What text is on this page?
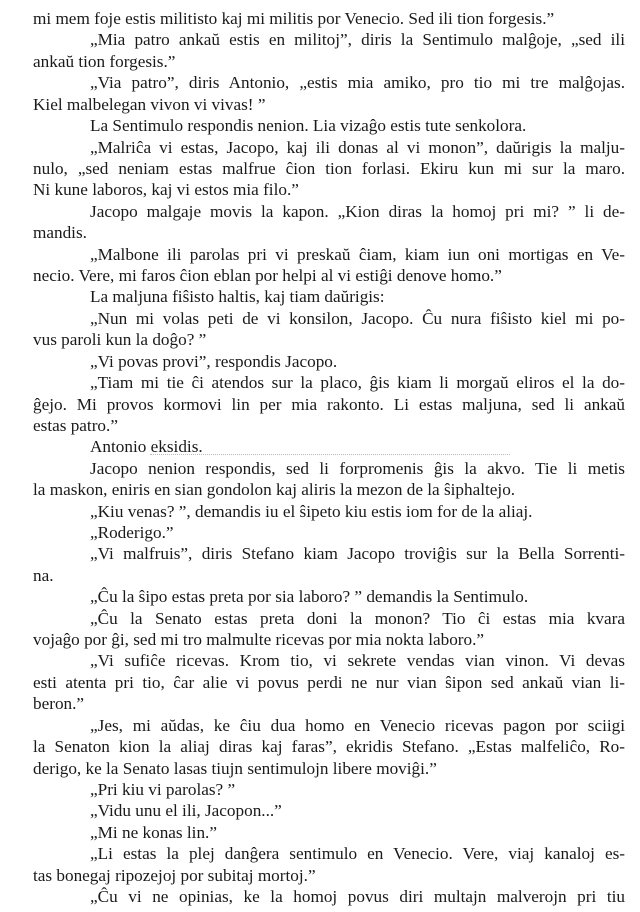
mi mem foje estis militisto kaj mi militis por Venecio. Sed ili tion forgesis.”
„Mia patro ankaŭ estis en militoj”, diris la Sentimulo malĝoje, „sed ili
ankaŭ tion forgesis.”
„Via patro”, diris Antonio, „estis mia amiko, pro tio mi tre malĝojas.
Kiel malbelegan vivon vi vivas! ”
La Sentimulo respondis nenion. Lia vizaĝo estis tute senkolora.
„Malriĉa vi estas, Jacopo, kaj ili donas al vi monon”, daŭrigis la malju-
nulo, „sed neniam estas malfrue ĉion tion forlasi. Ekiru kun mi sur la maro.
Ni kune laboros, kaj vi estos mia filo.”
Jacopo malgaje movis la kapon. „Kion diras la homoj pri mi? ” li de-
mandis.
„Malbone ili parolas pri vi preskаŭ ĉiam, kiam iun oni mortigas en Ve-
necio. Vere, mi faros ĉion eblan por helpi al vi estiĝi denove homo.”
La maljuna fiŝisto haltis, kaj tiam daŭrigis:
„Nun mi volas peti de vi konsilon, Jacopo. Ĉu nura fiŝisto kiel mi po-
vus paroli kun la doĝo? ”
„Vi povas provi”, respondis Jacopo.
„Tiam mi tie ĉi atendos sur la placo, ĝis kiam li morgaŭ eliros el la do-
ĝejo. Mi provos kormovi lin per mia rakonto. Li estas maljuna, sed li ankaŭ
estas patro.”
Antonio eksidis.
Jacopo nenion respondis, sed li forpromenis ĝis la akvo. Tie li metis
la maskon, eniris en sian gondolon kaj aliris la mezon de la ŝiphaltejo.
„Kiu venas? ”, demandis iu el ŝipeto kiu estis iom for de la aliaj.
„Roderigo.”
„Vi malfruis”, diris Stefano kiam Jacopo troviĝis sur la Bella Sorrenti-
na.
„Ĉu la ŝipo estas preta por sia laboro? ” demandis la Sentimulo.
„Ĉu la Senato estas preta doni la monon? Tio ĉi estas mia kvara
vojaĝo por ĝi, sed mi tro malmulte ricevas por mia nokta laboro.”
„Vi sufiĉe ricevas. Krom tio, vi sekrete vendas vian vinon. Vi devas
esti atenta pri tio, ĉar alie vi povus perdi ne nur vian ŝipon sed ankaŭ vian li-
beron.”
„Jes, mi aŭdas, ke ĉiu dua homo en Venecio ricevas pagon por sciigi
la Senaton kion la aliaj diras kaj faras”, ekridis Stefano. „Estas malfeliĉo, Ro-
derigo, ke la Senato lasas tiujn sentimulojn libere moviĝi.”
„Pri kiu vi parolas? ”
„Vidu unu el ili, Jacopon...”
„Mi ne konas lin.”
„Li estas la plej danĝera sentimulo en Venecio. Vere, viaj kanaloj es-
tas bonegaj ripozejoj por subitaj mortoj.”
„Ĉu vi ne opinias, ke la homoj povus diri multajn malverojn pri tiu
